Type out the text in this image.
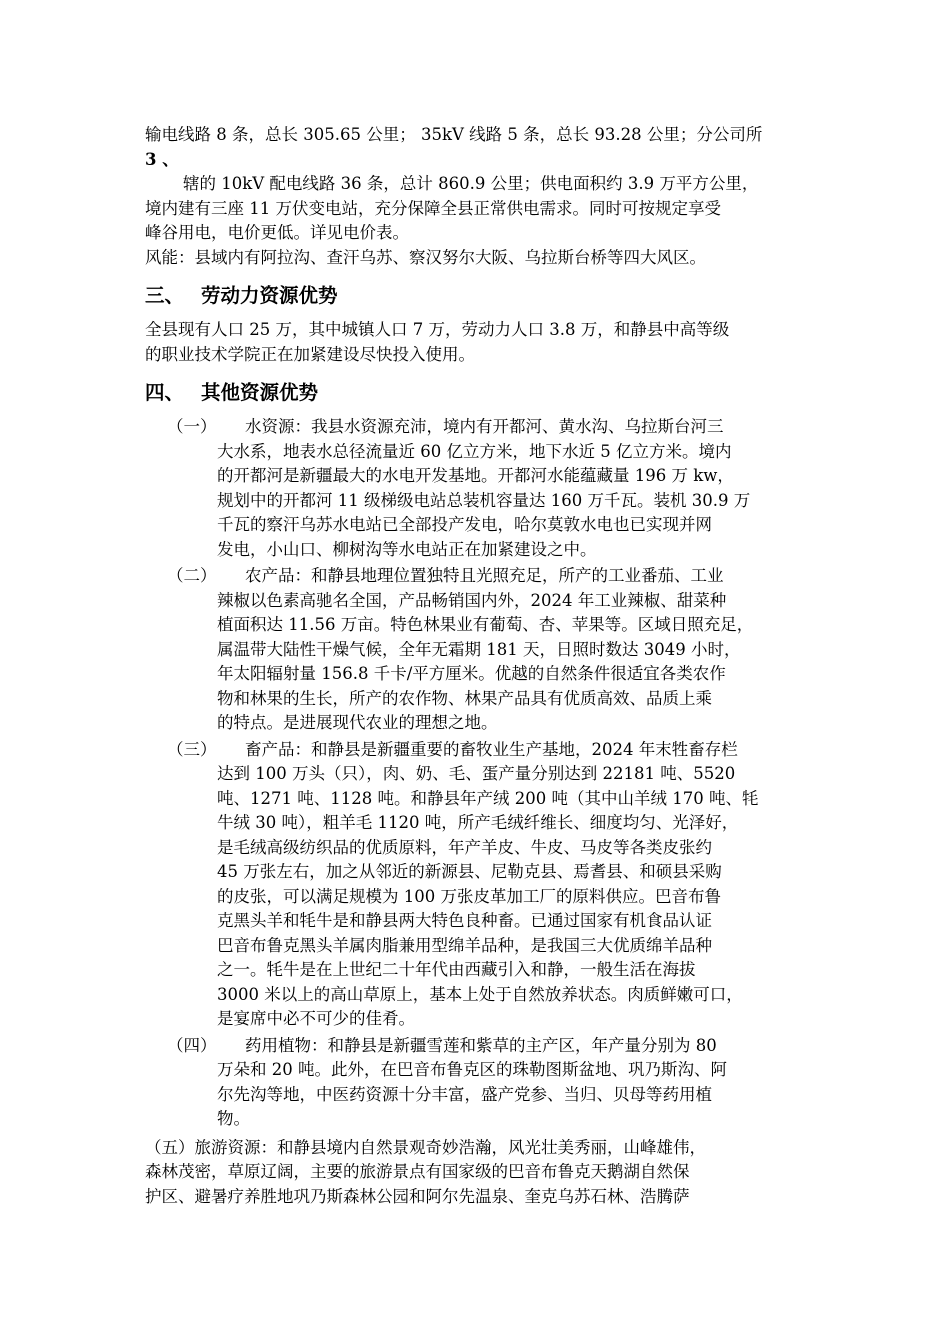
输电线路 8 条，总长 305.65 公里； 35kV 线路 5 条，总长 93.28 公里；分公司所
3 、
辖的 10kV 配电线路 36 条，总计 860.9 公里；供电面积约 3.9 万平方公里，
境内建有三座 11 万伏变电站，充分保障全县正常供电需求。同时可按规定享受
峰谷用电，电价更低。详见电价表。
风能：县域内有阿拉沟、查汗乌苏、察汉努尔大阪、乌拉斯台桥等四大风区。
三、 劳动力资源优势
全县现有人口 25 万，其中城镇人口 7 万，劳动力人口 3.8 万，和静县中高等级
的职业技术学院正在加紧建设尽快投入使用。
四、 其他资源优势
（一）	水资源：我县水资源充沛，境内有开都河、黄水沟、乌拉斯台河三
大水系，地表水总径流量近 60 亿立方米，地下水近 5 亿立方米。境内
的开都河是新疆最大的水电开发基地。开都河水能蕴藏量 196 万 kw，
规划中的开都河 11 级梯级电站总装机容量达 160 万千瓦。装机 30.9 万
千瓦的察汗乌苏水电站已全部投产发电，哈尔莫敦水电也已实现并网
发电，小山口、柳树沟等水电站正在加紧建设之中。
（二）	农产品：和静县地理位置独特且光照充足，所产的工业番茄、工业
辣椒以色素高驰名全国，产品畅销国内外，2024 年工业辣椒、甜菜种
植面积达 11.56 万亩。特色林果业有葡萄、杏、苹果等。区域日照充足，
属温带大陆性干燥气候，全年无霜期 181 天，日照时数达 3049 小时，
年太阳辐射量 156.8 千卡/平方厘米。优越的自然条件很适宜各类农作
物和林果的生长，所产的农作物、林果产品具有优质高效、品质上乘
的特点。是进展现代农业的理想之地。
（三）	畜产品：和静县是新疆重要的畜牧业生产基地，2024 年末牲畜存栏
达到 100 万头（只），肉、奶、毛、蛋产量分别达到 22181 吨、5520
吨、1271 吨、1128 吨。和静县年产绒 200 吨（其中山羊绒 170 吨、牦
牛绒 30 吨），粗羊毛 1120 吨，所产毛绒纤维长、细度均匀、光泽好，
是毛绒高级纺织品的优质原料，年产羊皮、牛皮、马皮等各类皮张约
45 万张左右，加之从邻近的新源县、尼勒克县、焉耆县、和硕县采购
的皮张，可以满足规模为 100 万张皮革加工厂的原料供应。巴音布鲁
克黑头羊和牦牛是和静县两大特色良种畜。已通过国家有机食品认证
巴音布鲁克黑头羊属肉脂兼用型绵羊品种，是我国三大优质绵羊品种
之一。牦牛是在上世纪二十年代由西藏引入和静，一般生活在海拔
3000 米以上的高山草原上，基本上处于自然放养状态。肉质鲜嫩可口，
是宴席中必不可少的佳肴。
（四）	药用植物：和静县是新疆雪莲和紫草的主产区，年产量分别为 80
万朵和 20 吨。此外，在巴音布鲁克区的珠勒图斯盆地、巩乃斯沟、阿
尔先沟等地，中医药资源十分丰富，盛产党参、当归、贝母等药用植
物。
（五）旅游资源：和静县境内自然景观奇妙浩瀚，风光壮美秀丽，山峰雄伟，
森林茂密，草原辽阔，主要的旅游景点有国家级的巴音布鲁克天鹅湖自然保
护区、避暑疗养胜地巩乃斯森林公园和阿尔先温泉、奎克乌苏石林、浩腾萨
